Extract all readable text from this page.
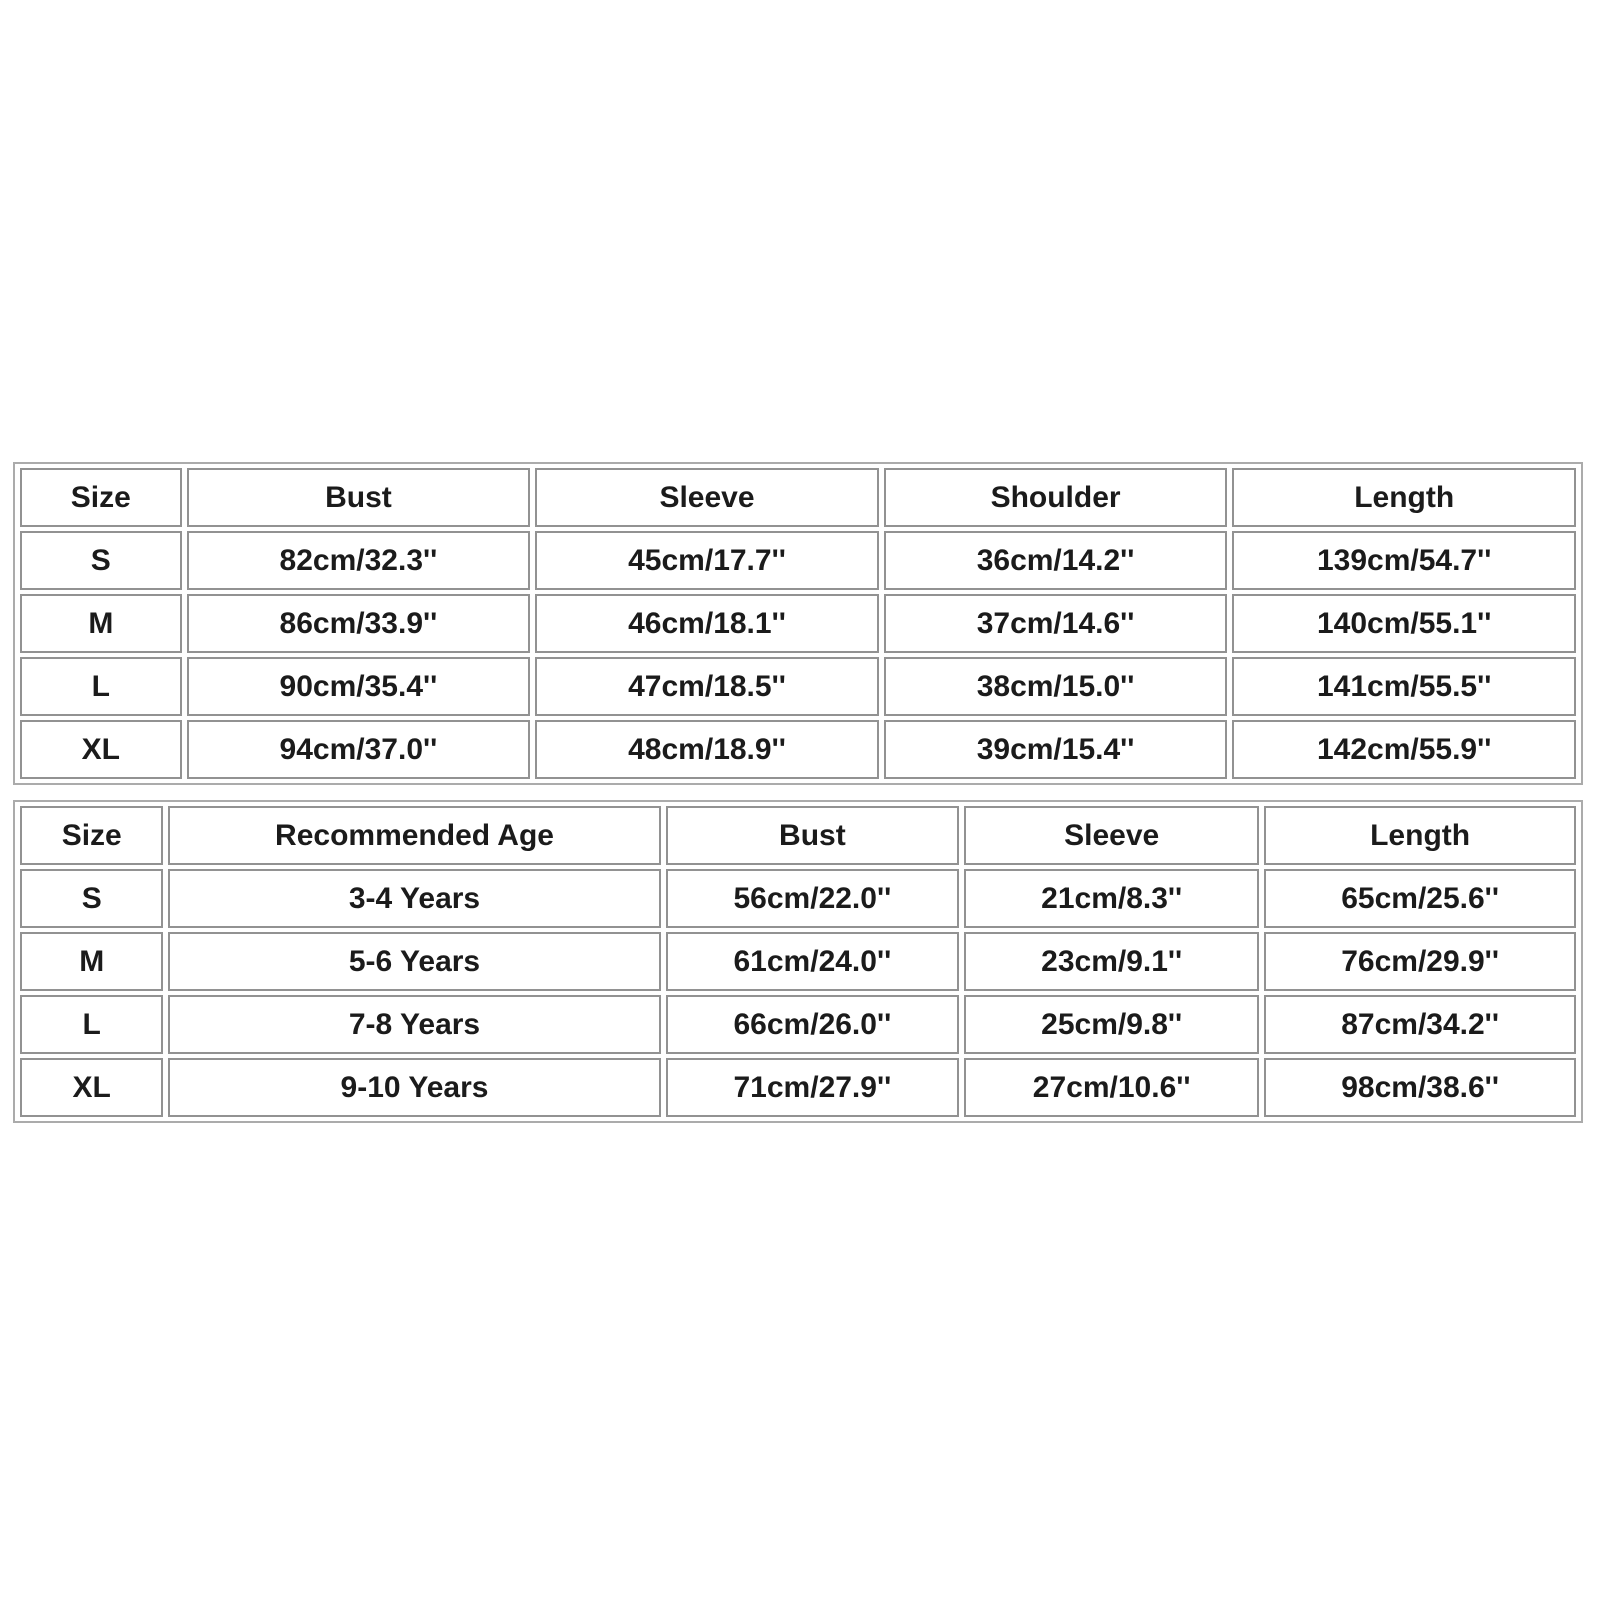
Size	Bust	Sleeve	Shoulder	Length
S	82cm/32.3''	45cm/17.7''	36cm/14.2''	139cm/54.7''
M	86cm/33.9''	46cm/18.1''	37cm/14.6''	140cm/55.1''
L	90cm/35.4''	47cm/18.5''	38cm/15.0''	141cm/55.5''
XL	94cm/37.0''	48cm/18.9''	39cm/15.4''	142cm/55.9''
Size	Recommended Age	Bust	Sleeve	Length
S	3-4 Years	56cm/22.0''	21cm/8.3''	65cm/25.6''
M	5-6 Years	61cm/24.0''	23cm/9.1''	76cm/29.9''
L	7-8 Years	66cm/26.0''	25cm/9.8''	87cm/34.2''
XL	9-10 Years	71cm/27.9''	27cm/10.6''	98cm/38.6''
